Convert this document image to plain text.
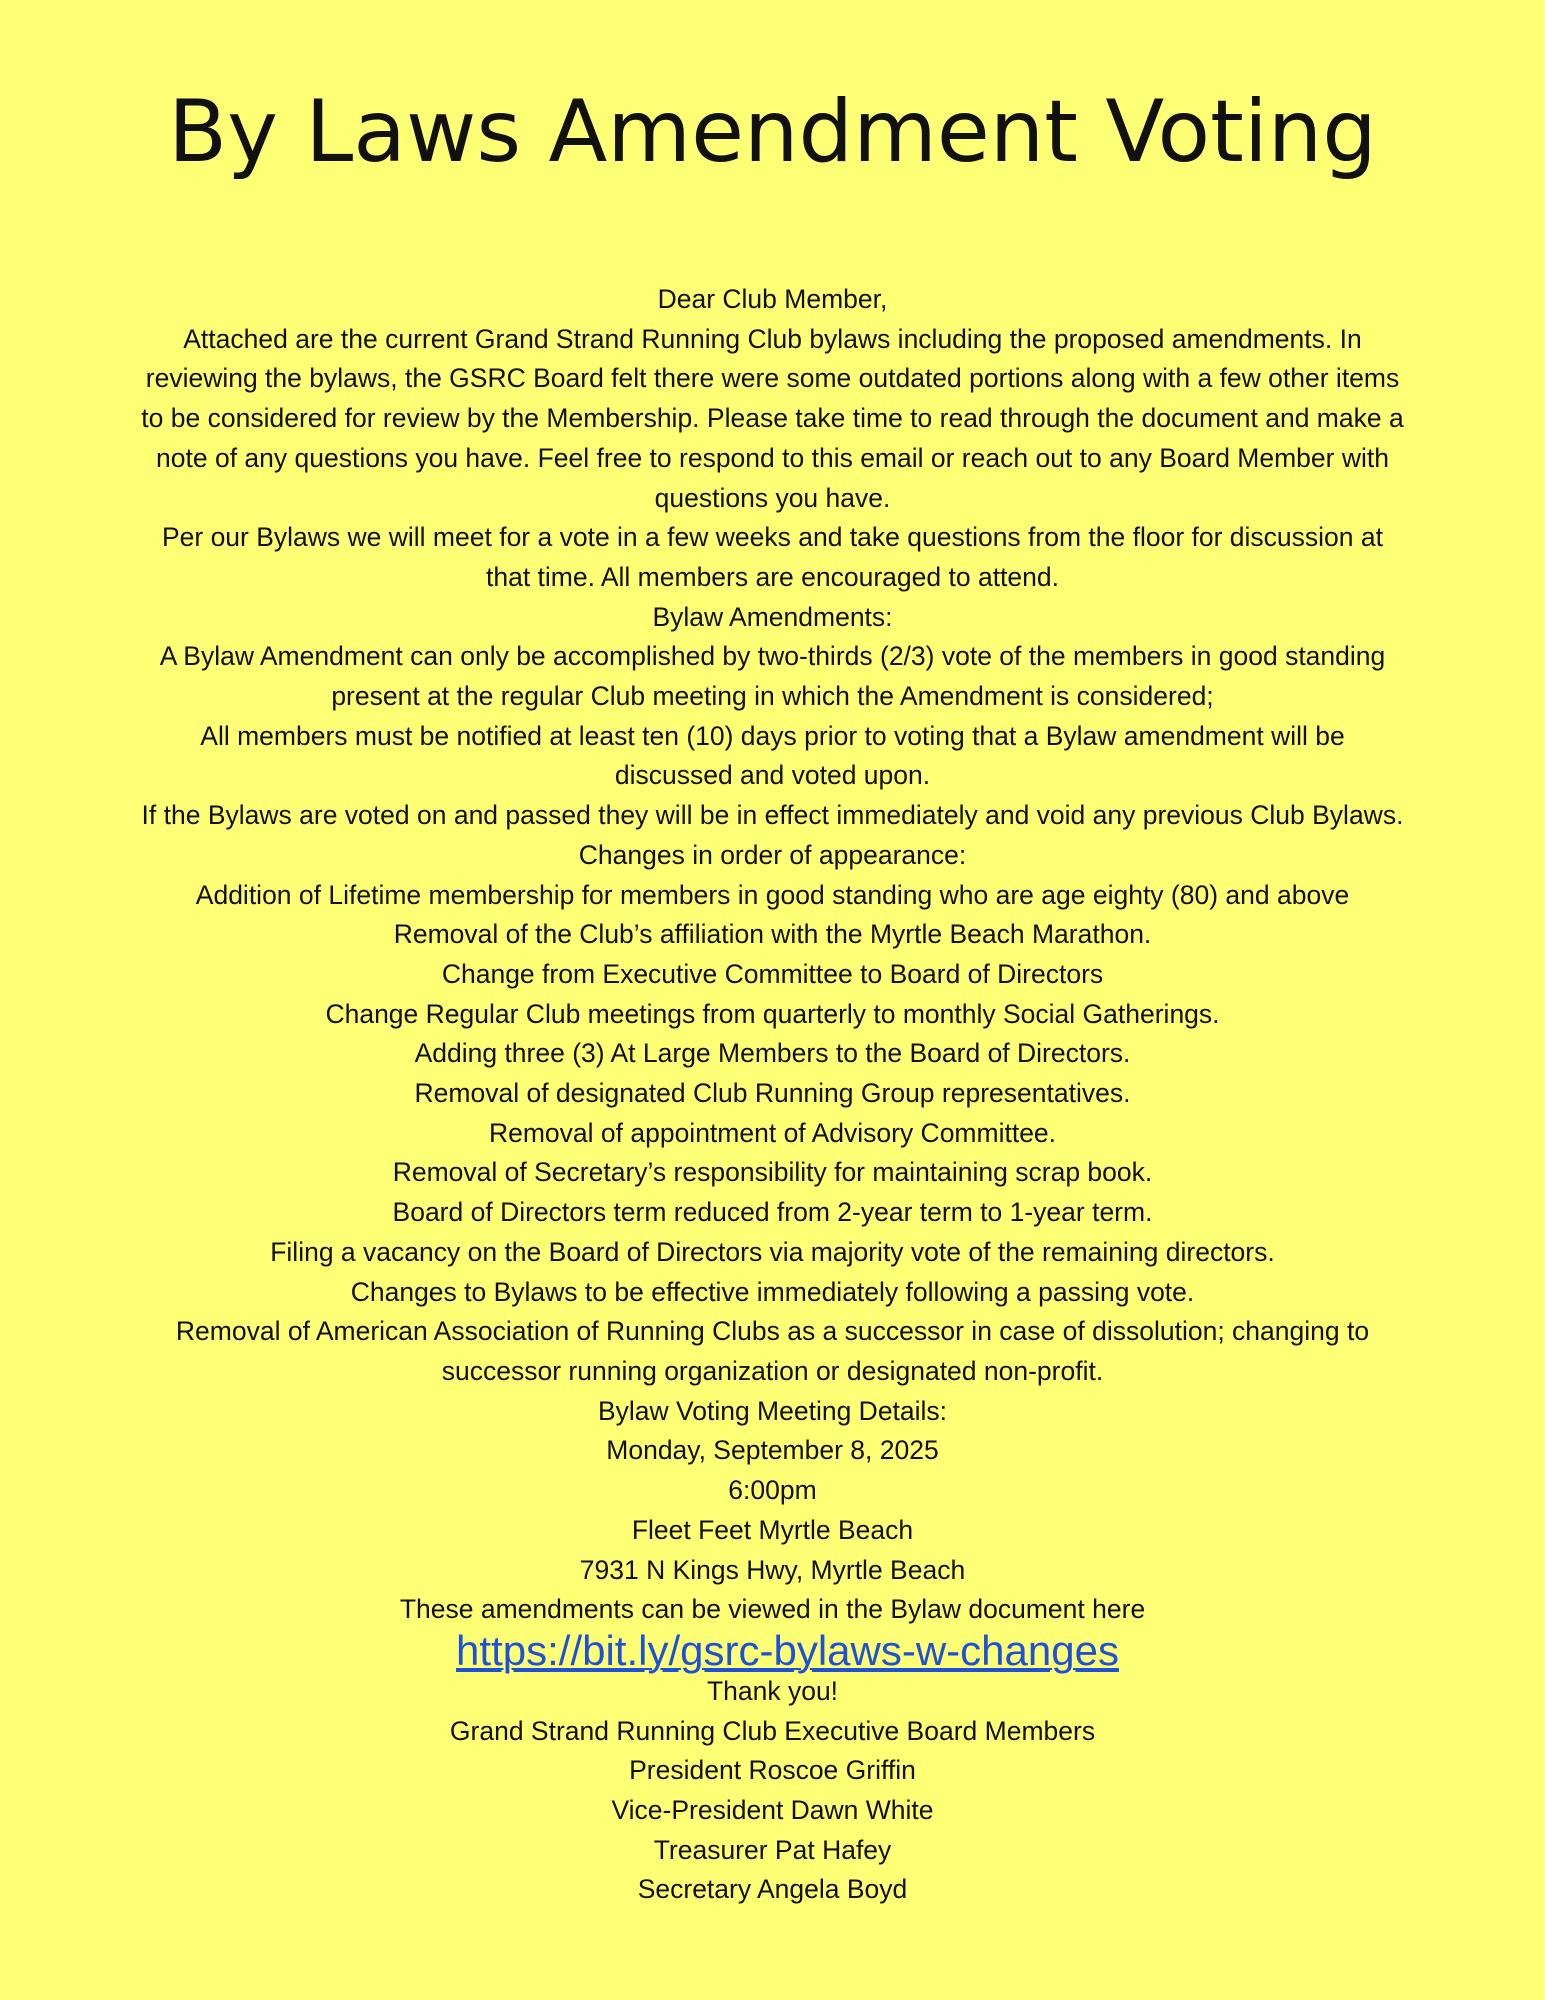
By Laws Amendment Voting

Dear Club Member,

Attached are the current Grand Strand Running Club bylaws including the proposed amendments. In reviewing the bylaws, the GSRC Board felt there were some outdated portions along with a few other items to be considered for review by the Membership. Please take time to read through the document and make a note of any questions you have. Feel free to respond to this email or reach out to any Board Member with questions you have.

Per our Bylaws we will meet for a vote in a few weeks and take questions from the floor for discussion at that time. All members are encouraged to attend.

Bylaw Amendments:

A Bylaw Amendment can only be accomplished by two-thirds (2/3) vote of the members in good standing present at the regular Club meeting in which the Amendment is considered;

All members must be notified at least ten (10) days prior to voting that a Bylaw amendment will be discussed and voted upon.

If the Bylaws are voted on and passed they will be in effect immediately and void any previous Club Bylaws.

Changes in order of appearance:

Addition of Lifetime membership for members in good standing who are age eighty (80) and above

Removal of the Club’s affiliation with the Myrtle Beach Marathon.

Change from Executive Committee to Board of Directors

Change Regular Club meetings from quarterly to monthly Social Gatherings.

Adding three (3) At Large Members to the Board of Directors.

Removal of designated Club Running Group representatives.

Removal of appointment of Advisory Committee.

Removal of Secretary’s responsibility for maintaining scrap book.

Board of Directors term reduced from 2-year term to 1-year term.

Filing a vacancy on the Board of Directors via majority vote of the remaining directors.

Changes to Bylaws to be effective immediately following a passing vote.

Removal of American Association of Running Clubs as a successor in case of dissolution; changing to successor running organization or designated non-profit.

Bylaw Voting Meeting Details:

Monday, September 8, 2025

6:00pm

Fleet Feet Myrtle Beach

7931 N Kings Hwy, Myrtle Beach

These amendments can be viewed in the Bylaw document here

https://bit.ly/gsrc-bylaws-w-changes

Thank you!

Grand Strand Running Club Executive Board Members

President Roscoe Griffin

Vice-President Dawn White

Treasurer Pat Hafey

Secretary Angela Boyd
